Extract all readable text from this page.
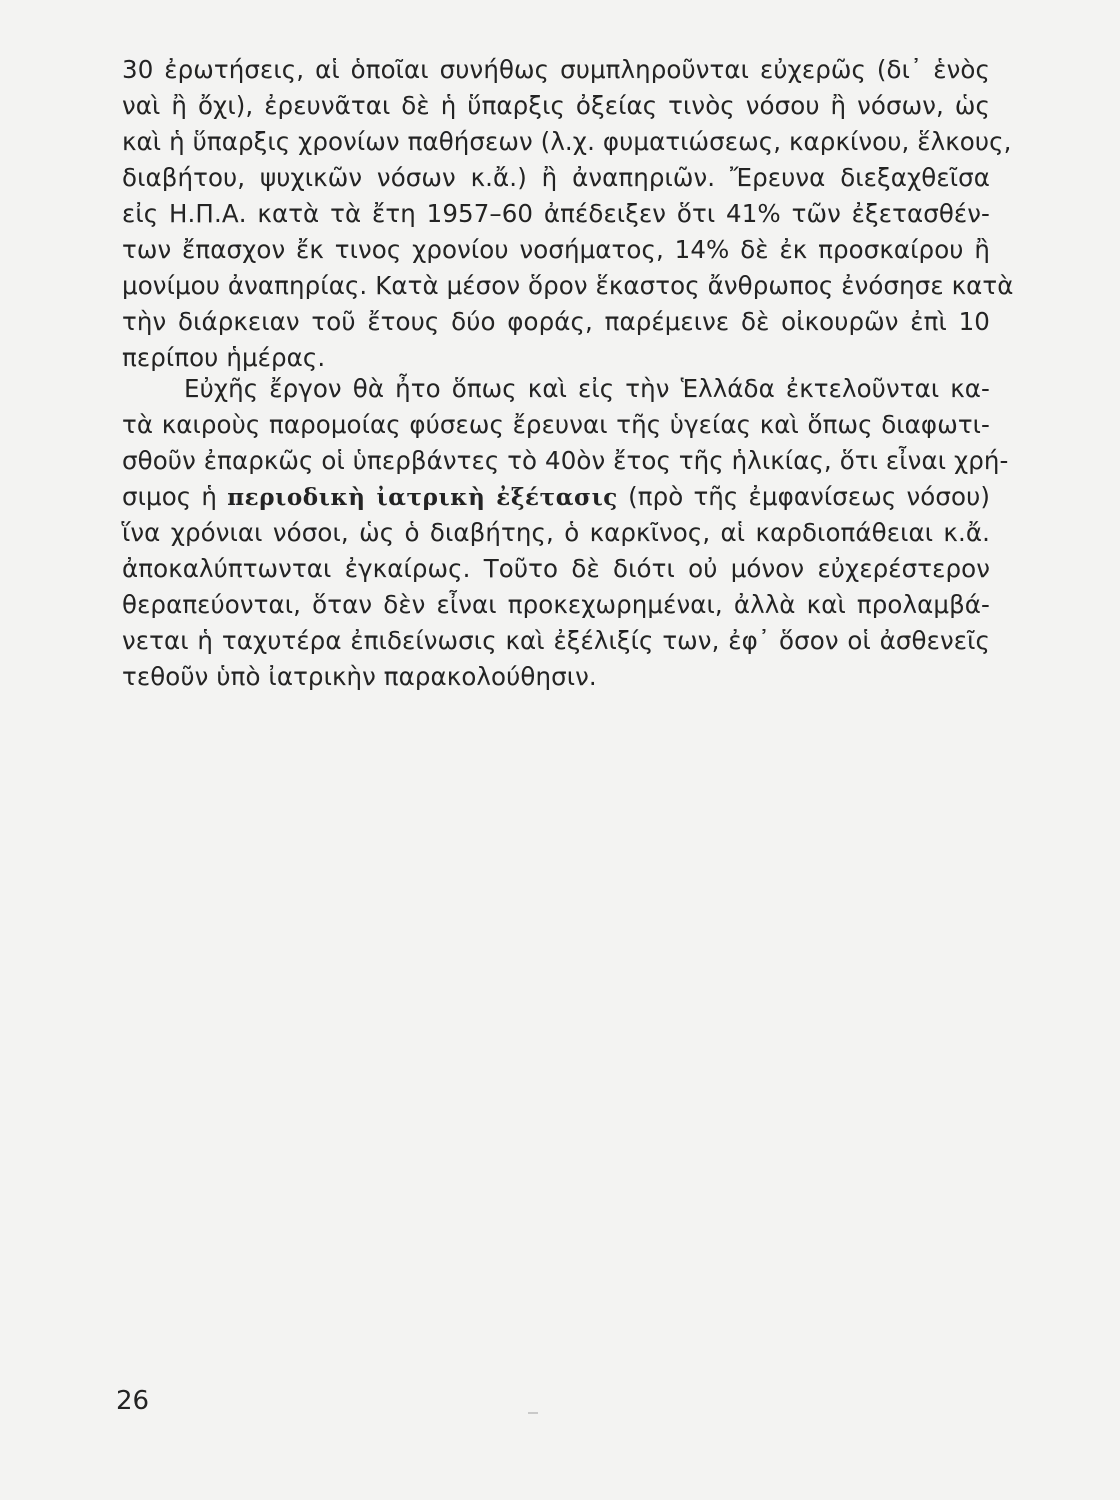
30 ἐρωτήσεις, αἱ ὁποῖαι συνήθως συμπληροῦνται εὐχερῶς (δι᾽ ἑνὸς
ναὶ ἢ ὄχι), ἐρευνᾶται δὲ ἡ ὕπαρξις ὀξείας τινὸς νόσου ἢ νόσων, ὡς
καὶ ἡ ὕπαρξις χρονίων παθήσεων (λ.χ. φυματιώσεως, καρκίνου, ἕλκους,
διαβήτου, ψυχικῶν νόσων κ.ἄ.) ἢ ἀναπηριῶν. Ἔρευνα διεξαχθεῖσα
εἰς Η.Π.Α. κατὰ τὰ ἔτη 1957–60 ἀπέδειξεν ὅτι 41% τῶν ἐξετασθέν-
των ἔπασχον ἔκ τινος χρονίου νοσήματος, 14% δὲ ἐκ προσκαίρου ἢ
μονίμου ἀναπηρίας. Κατὰ μέσον ὅρον ἕκαστος ἄνθρωπος ἐνόσησε κατὰ
τὴν διάρκειαν τοῦ ἔτους δύο φοράς, παρέμεινε δὲ οἰκουρῶν ἐπὶ 10
περίπου ἡμέρας.
Εὐχῆς ἔργον θὰ ἦτο ὅπως καὶ εἰς τὴν Ἑλλάδα ἐκτελοῦνται κα-
τὰ καιροὺς παρομοίας φύσεως ἔρευναι τῆς ὑγείας καὶ ὅπως διαφωτι-
σθοῦν ἐπαρκῶς οἱ ὑπερβάντες τὸ 40ὸν ἔτος τῆς ἡλικίας, ὅτι εἶναι χρή-
σιμος ἡ περιοδικὴ ἰατρικὴ ἐξέτασις (πρὸ τῆς ἐμφανίσεως νόσου)
ἵνα χρόνιαι νόσοι, ὡς ὁ διαβήτης, ὁ καρκῖνος, αἱ καρδιοπάθειαι κ.ἄ.
ἀποκαλύπτωνται ἐγκαίρως. Τοῦτο δὲ διότι οὐ μόνον εὐχερέστερον
θεραπεύονται, ὅταν δὲν εἶναι προκεχωρημέναι, ἀλλὰ καὶ προλαμβά-
νεται ἡ ταχυτέρα ἐπιδείνωσις καὶ ἐξέλιξίς των, ἐφ᾽ ὅσον οἱ ἀσθενεῖς
τεθοῦν ὑπὸ ἰατρικὴν παρακολούθησιν.
26
